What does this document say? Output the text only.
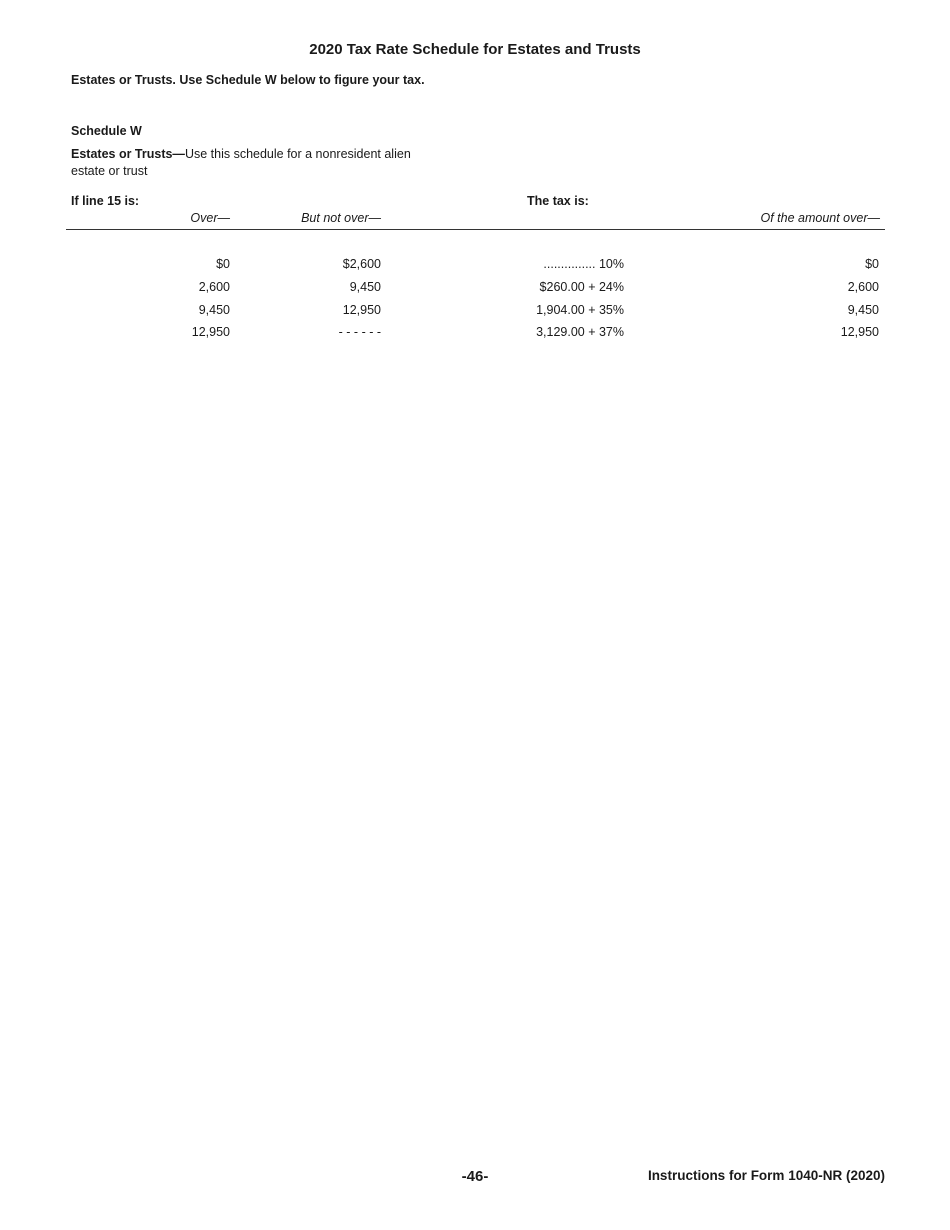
2020 Tax Rate Schedule for Estates and Trusts
Estates or Trusts. Use Schedule W below to figure your tax.
Schedule W
Estates or Trusts—Use this schedule for a nonresident alien estate or trust
If line 15 is:	The tax is:
Over—	But not over—	Of the amount over—
$0	$2,600	............... 10%	$0
2,600	9,450	$260.00 + 24%	2,600
9,450	12,950	1,904.00 + 35%	9,450
12,950	- - - - - -	3,129.00 + 37%	12,950
-46-	Instructions for Form 1040-NR (2020)
